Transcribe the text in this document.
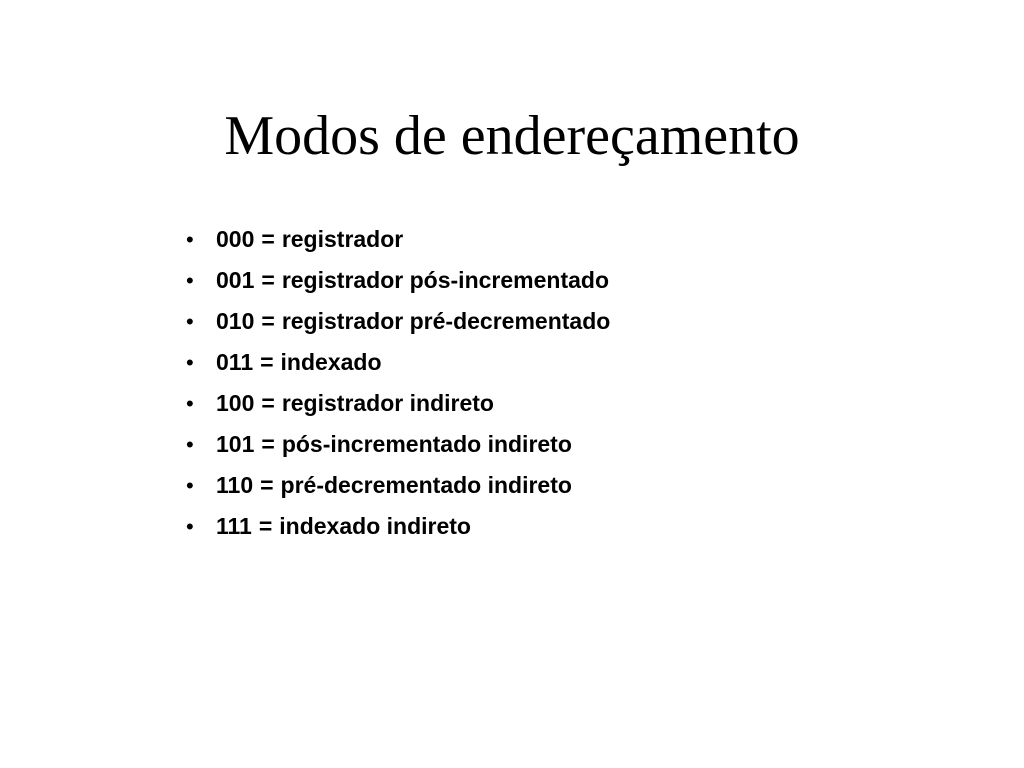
Modos de endereçamento
• 000 = registrador
• 001 = registrador pós-incrementado
• 010 = registrador pré-decrementado
• 011 = indexado
• 100 = registrador indireto
• 101 = pós-incrementado indireto
• 110 = pré-decrementado indireto
• 111 = indexado indireto
